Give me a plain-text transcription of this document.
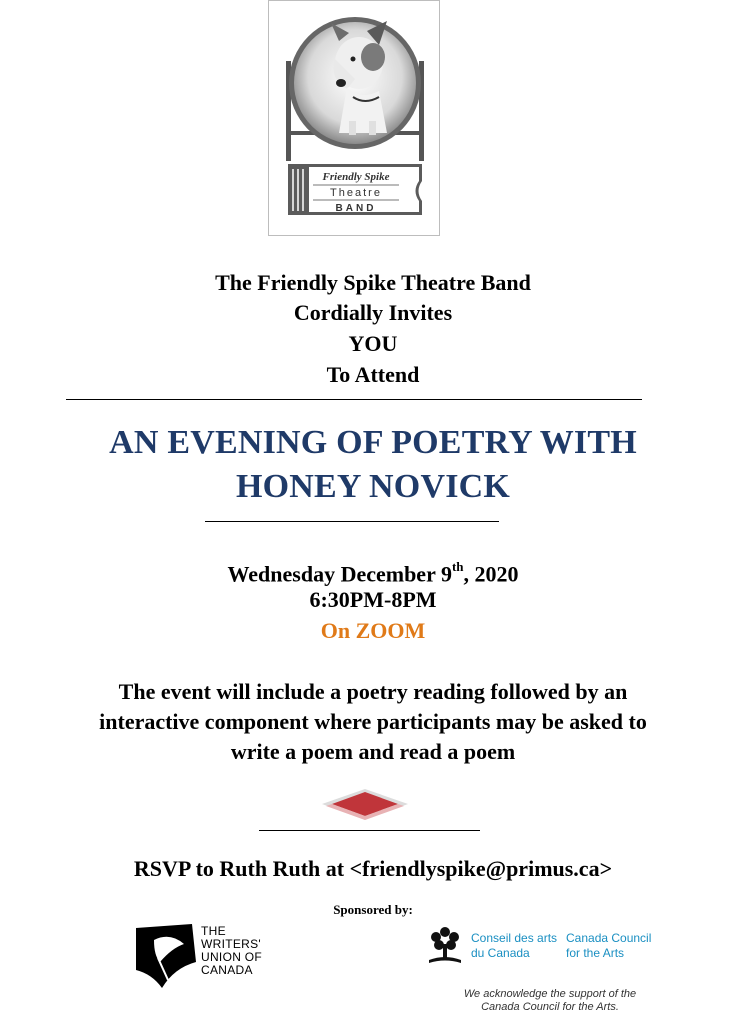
Friendly Spike
Theatre
BAND
The Friendly Spike Theatre Band
Cordially Invites
YOU
To Attend
AN EVENING OF POETRY WITH
HONEY NOVICK
Wednesday December 9th, 2020
6:30PM-8PM
On ZOOM
The event will include a poetry reading followed by an
interactive component where participants may be asked to
write a poem and read a poem
RSVP to Ruth Ruth at <friendlyspike@primus.ca>
Sponsored by:
THE
WRITERS'
UNION OF
CANADA
Conseil des arts
du Canada
Canada Council
for the Arts
We acknowledge the support of the
Canada Council for the Arts.
